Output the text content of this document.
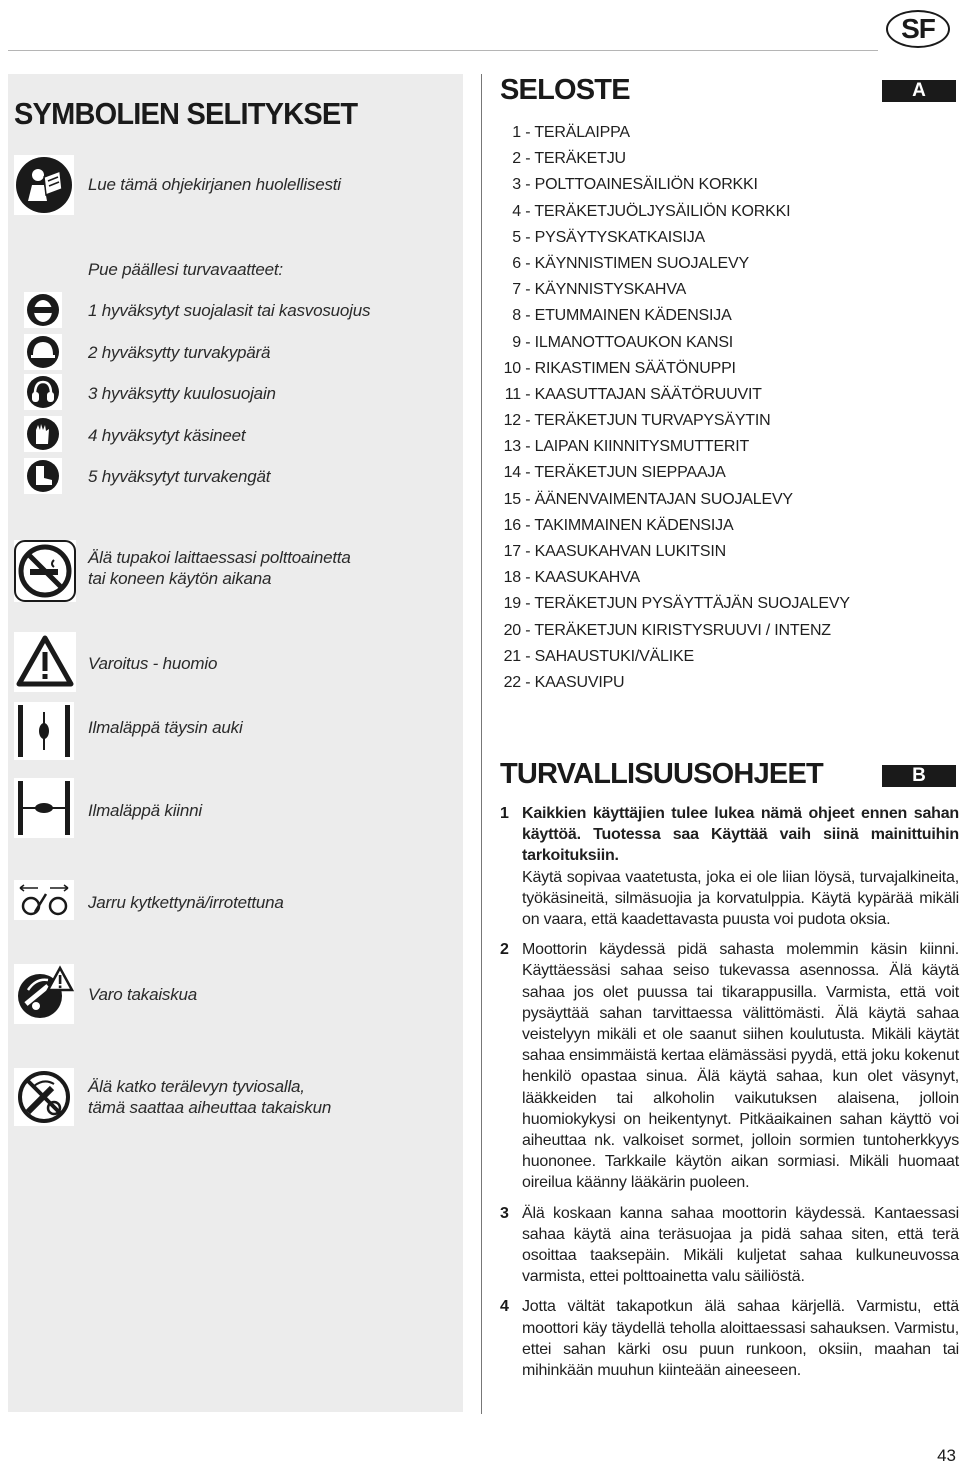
SF
SYMBOLIEN SELITYKSET
Lue tämä ohjekirjanen huolellisesti
Pue päällesi turvavaatteet:
1 hyväksytyt suojalasit tai kasvosuojus
2 hyväksytty turvakypärä
3 hyväksytty kuulosuojain
4 hyväksytyt käsineet
5 hyväksytyt turvakengät
Älä tupakoi laittaessasi polttoainetta
tai koneen käytön aikana
Varoitus - huomio
Ilmaläppä täysin auki
Ilmaläppä kiinni
Jarru kytkettynä/irrotettuna
Varo takaiskua
Älä katko terälevyn tyviosalla,
tämä saattaa aiheuttaa takaiskun
SELOSTE	A
1 - TERÄLAIPPA
2 - TERÄKETJU
3 - POLTTOAINESÄILIÖN KORKKI
4 - TERÄKETJUÖLJYSÄILIÖN KORKKI
5 - PYSÄYTYSKATKAISIJA
6 - KÄYNNISTIMEN SUOJALEVY
7 - KÄYNNISTYSKAHVA
8 - ETUMMAINEN KÄDENSIJA
9 - ILMANOTTOAUKON KANSI
10 - RIKASTIMEN SÄÄTÖNUPPI
11 - KAASUTTAJAN SÄÄTÖRUUVIT
12 - TERÄKETJUN TURVAPYSÄYTIN
13 - LAIPAN KIINNITYSMUTTERIT
14 - TERÄKETJUN SIEPPAAJA
15 - ÄÄNENVAIMENTAJAN SUOJALEVY
16 - TAKIMMAINEN KÄDENSIJA
17 - KAASUKAHVAN LUKITSIN
18 - KAASUKAHVA
19 - TERÄKETJUN PYSÄYTTÄJÄN SUOJALEVY
20 - TERÄKETJUN KIRISTYSRUUVI / INTENZ
21 - SAHAUSTUKI/VÄLIKE
22 - KAASUVIPU
TURVALLISUUSOHJEET	B
1 Kaikkien käyttäjien tulee lukea nämä ohjeet ennen sahan käyttöä. Tuotessa saa Käyttää vaih siinä mainittuihin tarkoituksiin.
Käytä sopivaa vaatetusta, joka ei ole liian löysä, turvajalkineita, työkäsineitä, silmäsuojia ja korvatulppia. Käytä kypärää mikäli on vaara, että kaadettavasta puusta voi pudota oksia.
2 Moottorin käydessä pidä sahasta molemmin käsin kiinni. Käyttäessäsi sahaa seiso tukevassa asennossa. Älä käytä sahaa jos olet puussa tai tikarappusilla. Varmista, että voit pysäyttää sahan tarvittaessa välittömästi. Älä käytä sahaa veistelyyn mikäli et ole saanut siihen koulutusta. Mikäli käytät sahaa ensimmäistä kertaa elämässäsi pyydä, että joku kokenut henkilö opastaa sinua. Älä käytä sahaa, kun olet väsynyt, lääkkeiden tai alkoholin vaikutuksen alaisena, jolloin huomiokykysi on heikentynyt. Pitkäaikainen sahan käyttö voi aiheuttaa nk. valkoiset sormet, jolloin sormien tuntoherkkyys huononee. Tarkkaile käytön aikan sormiasi. Mikäli huomaat oireilua käänny lääkärin puoleen.
3 Älä koskaan kanna sahaa moottorin käydessä. Kantaessasi sahaa käytä aina teräsuojaa ja pidä sahaa siten, että terä osoittaa taaksepäin. Mikäli kuljetat sahaa kulkuneuvossa varmista, ettei polttoainetta valu säiliöstä.
4 Jotta vältät takapotkun älä sahaa kärjellä. Varmistu, että moottori käy täydellä teholla aloittaessasi sahauksen. Varmistu, ettei sahan kärki osu puun runkoon, oksiin, maahan tai mihinkään muuhun kiinteään aineeseen.
43
